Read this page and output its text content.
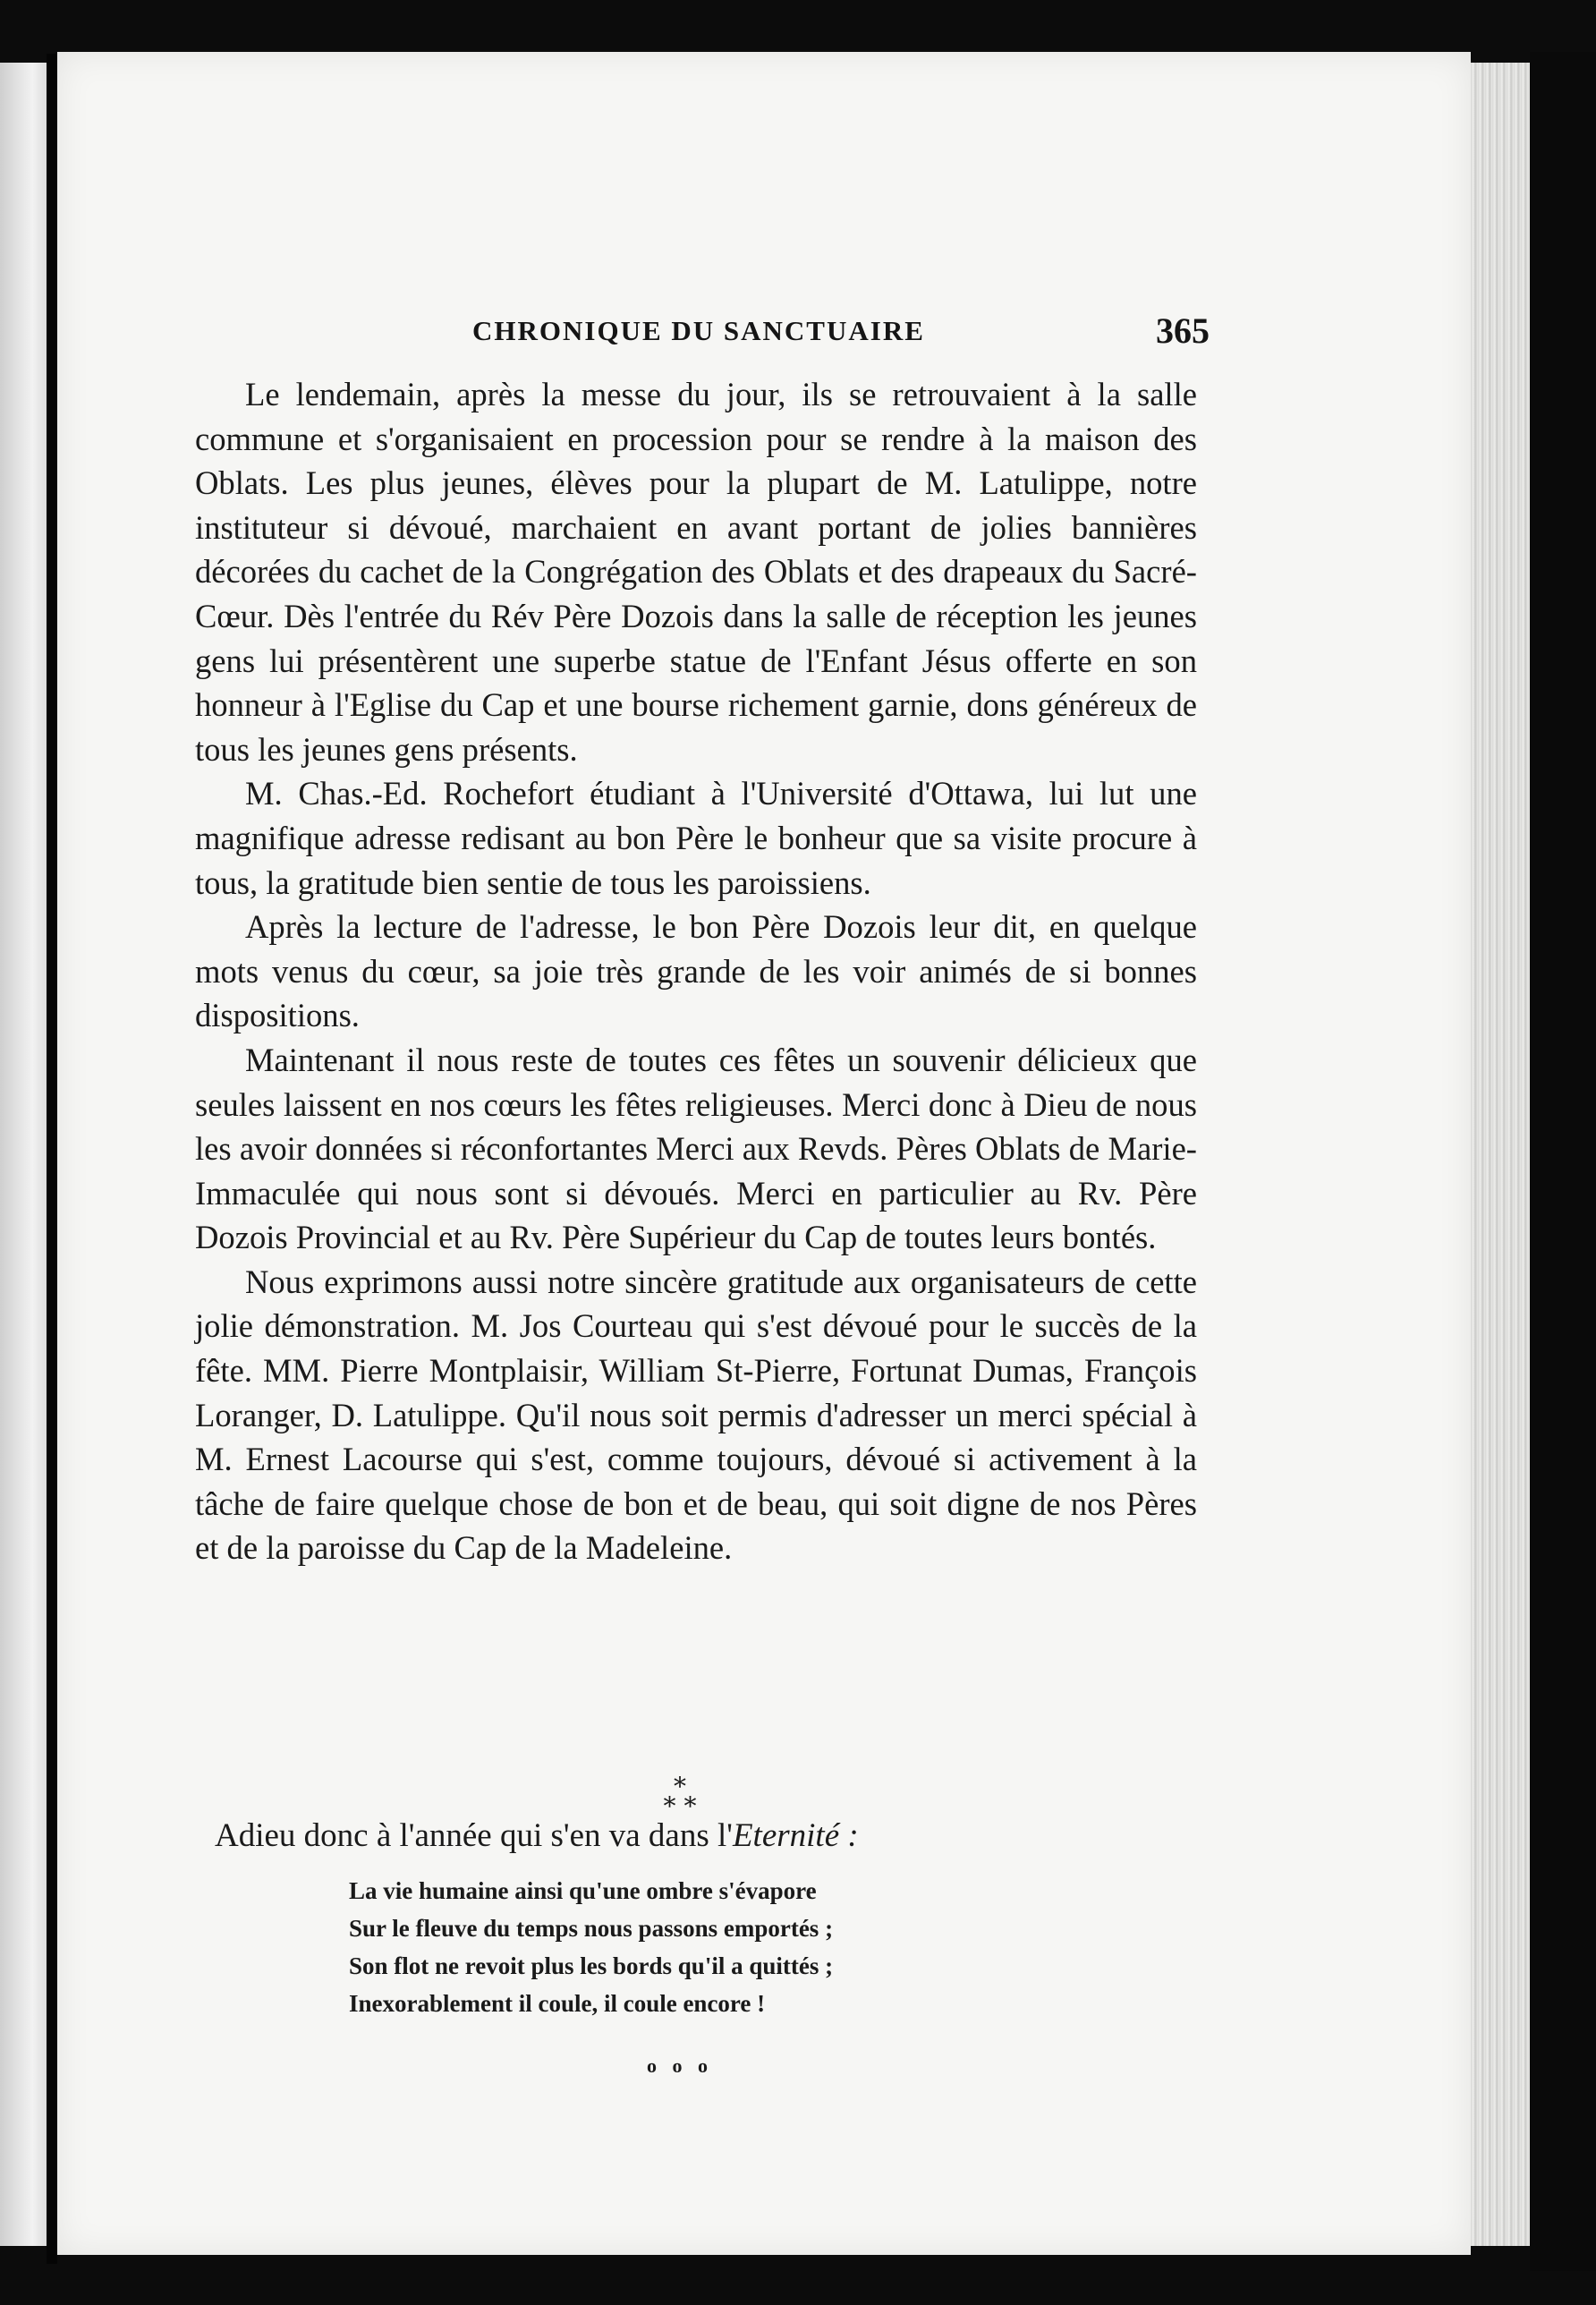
CHRONIQUE DU SANCTUAIRE	365

Le lendemain, après la messe du jour, ils se retrouvaient à la salle commune et s'organisaient en procession pour se rendre à la maison des Oblats. Les plus jeunes, élèves pour la plupart de M. Latulippe, notre instituteur si dévoué, marchaient en avant portant de jolies bannières décorées du cachet de la Congrégation des Oblats et des drapeaux du Sacré-Cœur. Dès l'entrée du Rév Père Dozois dans la salle de réception les jeunes gens lui présentèrent une superbe statue de l'Enfant Jésus offerte en son honneur à l'Eglise du Cap et une bourse richement garnie, dons généreux de tous les jeunes gens présents.

M. Chas.-Ed. Rochefort étudiant à l'Université d'Ottawa, lui lut une magnifique adresse redisant au bon Père le bonheur que sa visite procure à tous, la gratitude bien sentie de tous les paroissiens.

Après la lecture de l'adresse, le bon Père Dozois leur dit, en quelque mots venus du cœur, sa joie très grande de les voir animés de si bonnes dispositions.

Maintenant il nous reste de toutes ces fêtes un souvenir délicieux que seules laissent en nos cœurs les fêtes religieuses. Merci donc à Dieu de nous les avoir données si réconfortantes Merci aux Revds. Pères Oblats de Marie-Immaculée qui nous sont si dévoués. Merci en particulier au Rv. Père Dozois Provincial et au Rv. Père Supérieur du Cap de toutes leurs bontés.

Nous exprimons aussi notre sincère gratitude aux organisateurs de cette jolie démonstration. M. Jos Courteau qui s'est dévoué pour le succès de la fête. MM. Pierre Montplaisir, William St-Pierre, Fortunat Dumas, François Loranger, D. Latulippe. Qu'il nous soit permis d'adresser un merci spécial à M. Ernest Lacourse qui s'est, comme toujours, dévoué si activement à la tâche de faire quelque chose de bon et de beau, qui soit digne de nos Pères et de la paroisse du Cap de la Madeleine.

*
* *
Adieu donc à l'année qui s'en va dans l'Eternité :
La vie humaine ainsi qu'une ombre s'évapore
Sur le fleuve du temps nous passons emportés ;
Son flot ne revoit plus les bords qu'il a quittés ;
Inexorablement il coule, il coule encore !
o o o
